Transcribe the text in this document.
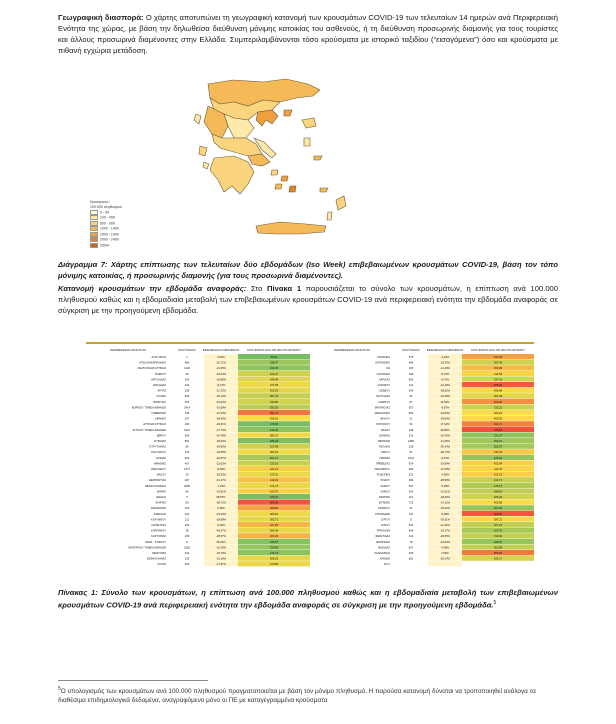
Γεωγραφική διασπορά: Ο χάρτης αποτυπώνει τη γεωγραφική κατανομή των κρουσμάτων COVID-19 των τελευταίων 14 ημερών ανά Περιφερειακή Ενότητα της χώρας, με βάση την δηλωθείσα διεύθυνση μόνιμης κατοικίας του ασθενούς, ή τη διεύθυνση προσωρινής διαμονής για τους τουρίστες και άλλους προσωρινά διαμένοντες στην Ελλάδα. Συμπεριλαμβάνονται τόσο κρούσματα με ιστορικό ταξιδίου (“εισαγόμενα”) όσο και κρούσματα με πιθανή εγχώρια μετάδοση.
Κρούσματα /
100.000 πληθυσμού
0 - 99
100 - 499
500 - 999
1000 - 1499
1500 - 1999
2000 - 2499
2500+
Διάγραμμα 7: Χάρτης επίπτωσης των τελευταίων δύο εβδομάδων (Iso Week) επιβεβαιωμένων κρουσμάτων COVID-19, βάση τον τόπο μόνιμης κατοικίας, ή προσωρινής διαμονής (για τους προσωρινά διαμένοντες).
Κατανομή κρουσμάτων την εβδομάδα αναφοράς: Στο Πίνακα 1 παρουσιάζεται το σύνολο των κρουσμάτων, η επίπτωση ανά 100.000 πληθυσμού καθώς και η εβδομαδιαία μεταβολή των επιβεβαιωμένων κρουσμάτων COVID-19 ανά περιφερειακή ενότητα την εβδομάδα αναφοράς σε σύγκριση με την προηγούμενη εβδομάδα.
ΠΕΡΙΦΕΡΕΙΑΚΗ ΕΝΟΤΗΤΑ	ΚΡΟΥΣΜΑΤΑ ΕΒΔΟΜΑΔΙΑΙΑ ΜΕΤΑΒΟΛΗ	ΚΡΟΥΣΜΑΤΑ ΑΝΑ 100.000 ΠΛΗΘΥΣΜΟΥ
ΑΓΙΟ ΟΡΟΣ	1	0,00%	58,21
ΑΙΤΩΛΟΑΚΑΡΝΑΝΙΑΣ	480	-10,71%	238,97
ΑΝΑΤΟΛΙΚΗΣ ΑΤΤΙΚΗΣ	1130	-21,05%	216,78
ΑΝΔΡΟΥ	29	-29,04%	326,47
ΑΡΓΟΛΙΔΑΣ	326	-18,89%	349,48
ΑΡΚΑΔΙΑΣ	244	-8,27%	377,83
ΑΡΤΑΣ	228	-11,72%	363,63
ΑΧΑΪΑΣ	909	-25,14%	307,34
ΒΟΙΩΤΙΑΣ	351	-16,03%	330,80
ΒΟΡΕΙΟΥ ΤΟΜΕΑ ΑΘΗΝΩΝ	2414	-10,69%	292,82
ΓΡΕΒΕΝΩΝ	135	-27,03%	561,72
ΔΡΑΜΑΣ	247	-29,63%	396,83
ΔΥΤΙΚΗΣ ΑΤΤΙΚΗΣ	290	-29,61%	179,90
ΔΥΤΙΚΟΥ ΤΟΜΕΑ ΑΘΗΝΩΝ	1015	-17,73%	213,32
ΕΒΡΟΥ	599	-24,78%	380,72
ΕΥΒΟΙΑΣ	551	-29,64%	186,34
ΕΥΡΥΤΑΝΙΑΣ	66	-24,55%	327,98
ΖΑΚΥΝΘΟΥ	139	-23,65%	382,64
ΗΛΕΙΑΣ	360	-40,57%	261,13
ΗΜΑΘΙΑΣ	407	-22,62%	313,01
ΗΡΑΚΛΕΙΟΥ	1277	-8,99%	422,22
ΘΑΣΟΥ	19	-18,33%	375,31
ΘΕΣΠΡΩΤΙΑΣ	207	-51,17%	442,01
ΘΕΣΣΑΛΟΝΙΚΗΣ	4095	-7,24%	374,74
ΘΗΡΑΣ	80	-23,81%	420,76
ΙΘΑΚΗΣ	5	68,87%	180,25
ΙΚΑΡΙΑΣ	80	-08,72%	608,98
ΙΩΑΝΝΙΝΩΝ	784	2,35%	489,83
ΚΑΒΑΛΑΣ	426	-19,40%	380,81
ΚΑΛΥΜΝΟΥ	111	-18,98%	363,71
ΚΑΡΔΙΤΣΑΣ	496	-0,00%	461,86
ΚΑΡΠΑΘΟΥ	28	-45,67%	366,49
ΚΑΣΤΟΡΙΑΣ	235	-28,57%	464,33
ΚΕΑΣ - ΚΥΘΝΟΥ	8	65,22%	205,87
ΚΕΝΤΡΙΚΟΥ ΤΟΜΕΑ ΑΘΗΝΩΝ	2282	-10,29%	229,80
ΚΕΡΚΥΡΑΣ	244	-33,70%	215,15
ΚΕΦΑΛΛΗΝΙΑΣ	132	-15,19%	368,26
ΚΙΛΚΙΣ	262	-17,87%	370,85
ΠΕΡΙΦΕΡΕΙΑΚΗ ΕΝΟΤΗΤΑ	ΚΡΟΥΣΜΑΤΑ ΕΒΔΟΜΑΔΙΑΙΑ ΜΕΤΑΒΟΛΗ	ΚΡΟΥΣΜΑΤΑ ΑΝΑ 100.000 ΠΛΗΘΥΣΜΟΥ
ΚΟΖΑΝΗΣ	675	-3,02%	491,98
ΚΟΡΙΝΘΙΑΣ	480	-18,23%	327,49
ΚΩ	165	-11,29%	453,86
ΛΑΚΩΝΙΑΣ	168	-8,70%	411,59
ΛΑΡΙΣΑΣ	962	-8,76%	337,42
ΛΑΣΙΘΙΟΥ	414	-12,29%	608,20
ΛΕΣΒΟΥ	340	-38,62%	406,98
ΛΕΥΚΑΔΑΣ	82	-10,99%	361,08
ΛΗΜΝΟΥ	87	11,54%	520,09
ΜΑΓΝΗΣΙΑΣ	557	-9,87%	315,22
ΜΕΣΣΗΝΙΑΣ	560	-24,54%	400,22
ΜΗΛΟΥ	21	-29,84%	406,05
ΜΥΚΟΝΟΥ	53	17,16%	542,71
ΝΑΞΟΥ	148	30,83%	676,82
ΞΑΝΘΗΣ	316	-16,76%	221,97
ΠΕΙΡΑΙΩΣ	2286	-11,05%	250,19
ΠΕΛΛΗΣ	218	-39,14%	255,97
ΠΑΡΟΥ	87	-28,72%	430,78
ΠΙΕΡΙΑΣ	1016	-9,91%	226,82
ΠΡΕΒΕΖΑΣ	634	-20,89%	422,94
ΡΕΘΥΜΝΟΥ	282	-37,08%	411,78
ΡΟΔΟΠΗΣ	231	-4,55%	422,19
ΡΟΔΟΥ	383	-38,56%	314,72
ΣΑΜΟΥ	287	-5,98%	278,19
ΣΑΜΟΥ	354	-11,61%	298,81
ΣΕΡΡΩΝ	113	-18,00%	326,26
ΣΗΤΕΙΑΣ	732	-14,12%	400,99
ΣΚΙΑΘΟΥ	31	-33,22%	227,93
ΣΠΟΡΑΔΩΝ	137	-5,98%	608,93
ΣΥΡΟΥ	17	-39,31%	387,22
ΤΗΝΟΥ	643	-11,42%	307,22
ΤΡΙΚΑΛΩΝ	808	-19,17%	257,76
ΦΘΙΩΤΙΔΑΣ	143	-29,65%	310,00
ΦΛΩΡΙΝΑΣ	78	-22,00%	228,61
ΦΩΚΙΔΑΣ	607	-4,98%	302,88
ΧΑΛΚΙΔΙΚΗΣ	625	7,06%	555,56
ΧΑΝΙΩΝ	281	-28,14%	342,27
ΧΙΟΥ
Πίνακας 1: Σύνολο των κρουσμάτων, η επίπτωση ανά 100.000 πληθυσμού καθώς και η εβδομαδιαία μεταβολή των επιβεβαιωμένων κρουσμάτων COVID-19 ανά περιφερειακή ενότητα την εβδομάδα αναφοράς σε σύγκριση με την προηγούμενη εβδομάδα.$^5$
$^5$Ο υπολογισμός των κρουσμάτων ανά 100.000 πληθυσμού πραγματοποιείται με βάση τον μόνιμο πληθυσμό. Η παρούσα κατανομή δύναται να τροποποιηθεί ανάλογα τα διαθέσιμα επιδημιολογικά δεδομένα, αναγραφόμενο μόνο οι ΠΕ με καταγεγραμμένα κρούσματα
